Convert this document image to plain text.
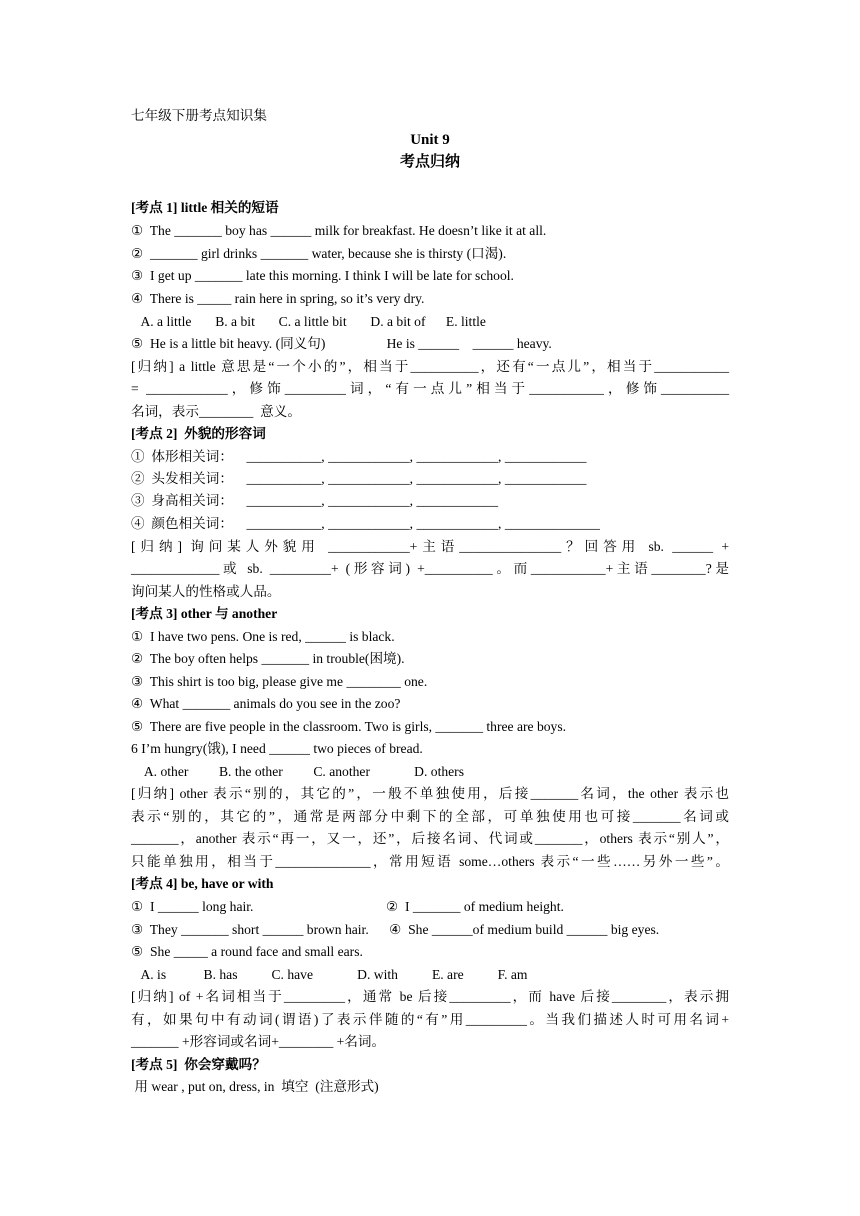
七年级下册考点知识集
Unit 9
考点归纳
[考点 1] little 相关的短语
①  The _______ boy has ______ milk for breakfast. He doesn’t like it at all.
②  _______ girl drinks _______ water, because she is thirsty (口渴).
③  I get up _______ late this morning. I think I will be late for school.
④  There is _____ rain here in spring, so it’s very dry.
A. a little       B. a bit       C. a little bit       D. a bit of      E. little
⑤  He is a little bit heavy. (同义句)                  He is ______    ______ heavy.
[归纳] a little 意思是“一个小的”，相当于__________，还有“一点儿”，相当于___________
= ____________，修饰_________词，“有一点儿”相当于___________，修饰__________
名词，表示________  意义。
[考点 2]  外貌的形容词
①  体形相关词：    ___________, ____________, ____________, ____________
②  头发相关词：    ___________, ____________, ____________, ____________
③  身高相关词：    ___________, ____________, ____________
④  颜色相关词：    ___________, ____________, ____________, ______________
[归纳] 询问某人外貌用 ____________+主语_______________？回答用 sb. ______ +
_____________或 sb. _________+ (形容词) +__________。而___________+主语________?是
询问某人的性格或人品。
[考点 3] other 与 another
①  I have two pens. One is red, ______ is black.
②  The boy often helps _______ in trouble(困境).
③  This shirt is too big, please give me ________ one.
④  What _______ animals do you see in the zoo?
⑤  There are five people in the classroom. Two is girls, _______ three are boys.
6 I’m hungry(饿), I need ______ two pieces of bread.
A. other         B. the other         C. another             D. others
[归纳] other 表示“别的，其它的”，一般不单独使用，后接_______名词，the other 表示也
表示“别的，其它的”，通常是两部分中剩下的全部，可单独使用也可接_______名词或
_______，another 表示“再一，又一，还”，后接名词、代词或_______，others 表示“别人”，
只能单独用，相当于______________，常用短语 some…others 表示“一些……另外一些”。
[考点 4] be, have or with
①  I ______ long hair.                                       ②  I _______ of medium height.
③  They _______ short ______ brown hair.      ④  She ______of medium build ______ big eyes.
⑤  She _____ a round face and small ears.
A. is           B. has          C. have             D. with          E. are          F. am
[归纳] of +名词相当于_________，通常 be 后接_________，而 have 后接________，表示拥
有，如果句中有动词(谓语)了表示伴随的“有”用_________。当我们描述人时可用名词+
_______ +形容词或名词+________ +名词。
[考点 5]  你会穿戴吗？
用 wear , put on, dress, in  填空  (注意形式)
